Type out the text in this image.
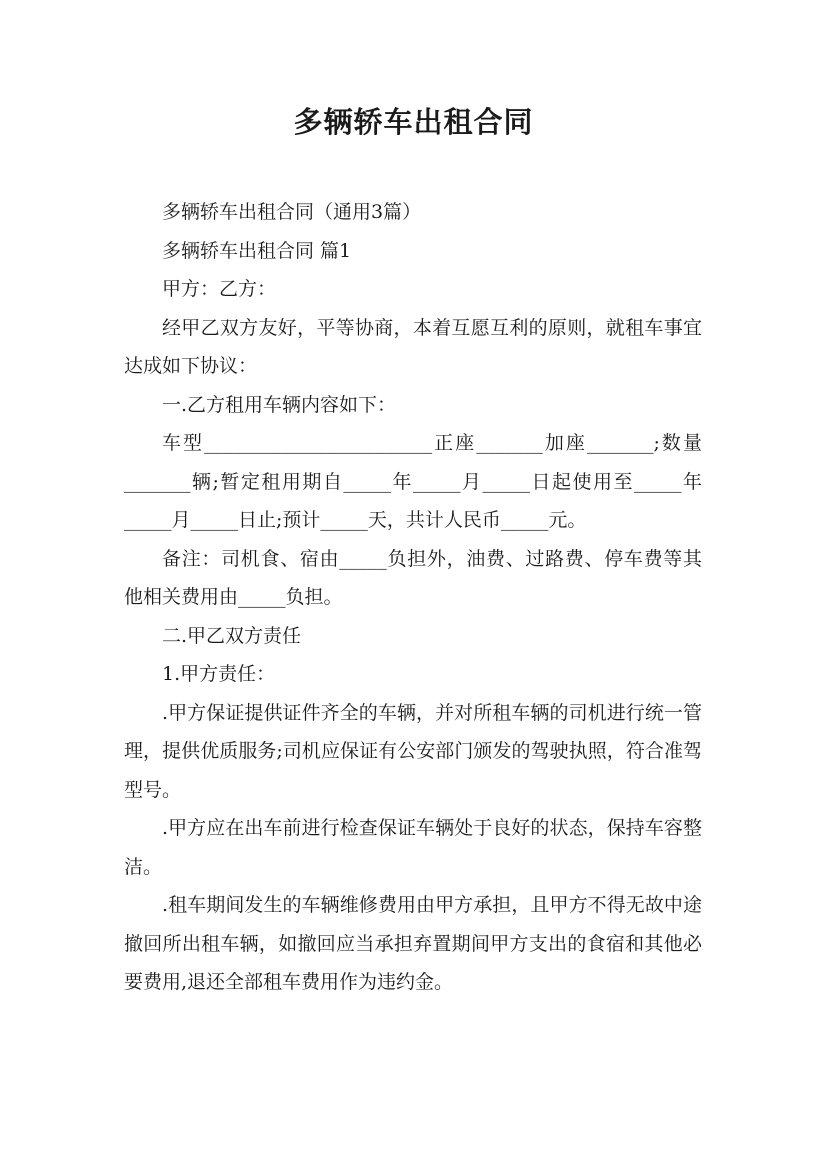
多辆轿车出租合同

多辆轿车出租合同（通用3篇）

多辆轿车出租合同 篇1

甲方：乙方：

经甲乙双方友好，平等协商，本着互愿互利的原则，就租车事宜达成如下协议：

一.乙方租用车辆内容如下：

车型________________________正座_______加座_______;数量_______辆;暂定租用期自_____年_____月_____日起使用至_____年_____月_____日止;预计_____天，共计人民币_____元。

备注：司机食、宿由_____负担外，油费、过路费、停车费等其他相关费用由_____负担。

二.甲乙双方责任

1.甲方责任：

.甲方保证提供证件齐全的车辆，并对所租车辆的司机进行统一管理，提供优质服务;司机应保证有公安部门颁发的驾驶执照，符合准驾型号。

.甲方应在出车前进行检查保证车辆处于良好的状态，保持车容整洁。

.租车期间发生的车辆维修费用由甲方承担，且甲方不得无故中途撤回所出租车辆，如撤回应当承担弃置期间甲方支出的食宿和其他必要费用,退还全部租车费用作为违约金。
